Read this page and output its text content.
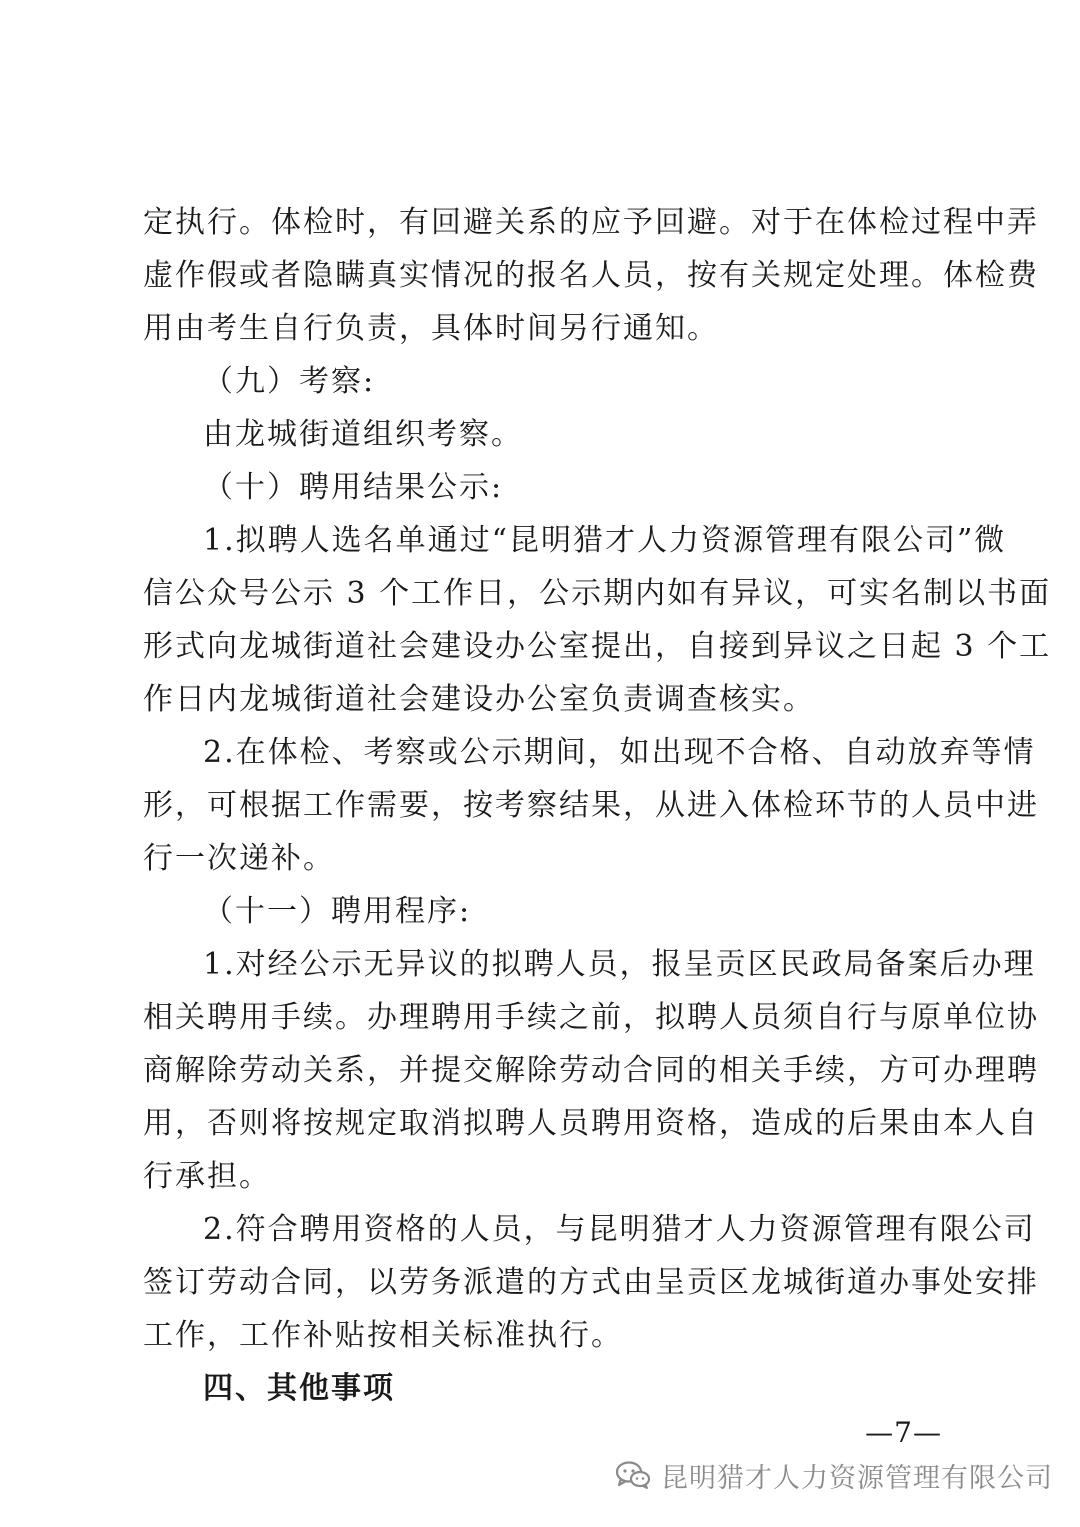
定执行。体检时，有回避关系的应予回避。对于在体检过程中弄
虚作假或者隐瞒真实情况的报名人员，按有关规定处理。体检费
用由考生自行负责，具体时间另行通知。
（九）考察:
由龙城街道组织考察。
（十）聘用结果公示:
1.拟聘人选名单通过“昆明猎才人力资源管理有限公司”微
信公众号公示 3 个工作日，公示期内如有异议，可实名制以书面
形式向龙城街道社会建设办公室提出，自接到异议之日起 3 个工
作日内龙城街道社会建设办公室负责调查核实。
2.在体检、考察或公示期间，如出现不合格、自动放弃等情
形，可根据工作需要，按考察结果，从进入体检环节的人员中进
行一次递补。
（十一）聘用程序:
1.对经公示无异议的拟聘人员，报呈贡区民政局备案后办理
相关聘用手续。办理聘用手续之前，拟聘人员须自行与原单位协
商解除劳动关系，并提交解除劳动合同的相关手续，方可办理聘
用，否则将按规定取消拟聘人员聘用资格，造成的后果由本人自
行承担。
2.符合聘用资格的人员，与昆明猎才人力资源管理有限公司
签订劳动合同，以劳务派遣的方式由呈贡区龙城街道办事处安排
工作，工作补贴按相关标准执行。
四、其他事项
—7—
昆明猎才人力资源管理有限公司
